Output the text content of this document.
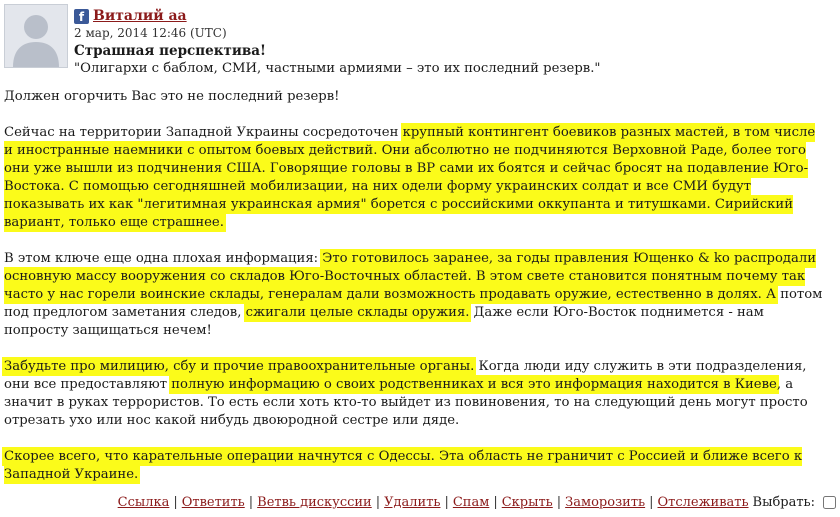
f Виталий аа
2 мар, 2014 12:46 (UTC)
Страшная перспектива!
"Олигархи с баблом, СМИ, частными армиями – это их последний резерв."

Должен огорчить Вас это не последний резерв!

Сейчас на территории Западной Украины сосредоточен крупный контингент боевиков разных мастей, в том числе и иностранные наемники с опытом боевых действий. Они абсолютно не подчиняются Верховной Раде, более того они уже вышли из подчинения США. Говорящие головы в ВР сами их боятся и сейчас бросят на подавление Юго-Востока. С помощью сегодняшней мобилизации, на них одели форму украинских солдат и все СМИ будут показывать их как "легитимная украинская армия" борется с российскими оккупанта и титушками. Сирийский вариант, только еще страшнее.

В этом ключе еще одна плохая информация: Это готовилось заранее, за годы правления Ющенко & ko распродали основную массу вооружения со складов Юго-Восточных областей. В этом свете становится понятным почему так часто у нас горели воинские склады, генералам дали возможность продавать оружие, естественно в долях. А потом под предлогом заметания следов, сжигали целые склады оружия. Даже если Юго-Восток поднимется - нам попросту защищаться нечем!

Забудьте про милицию, сбу и прочие правоохранительные органы. Когда люди иду служить в эти подразделения, они все предоставляют полную информацию о своих родственниках и вся это информация находится в Киеве, а значит в руках террористов. То есть если хоть кто-то выйдет из повиновения, то на следующий день могут просто отрезать ухо или нос какой нибудь двоюродной сестре или дяде.

Скорее всего, что карательные операции начнутся с Одессы. Эта область не граничит с Россией и ближе всего к Западной Украине.

Ссылка | Ответить | Ветвь дискуссии | Удалить | Спам | Скрыть | Заморозить | Отслеживать Выбрать:
